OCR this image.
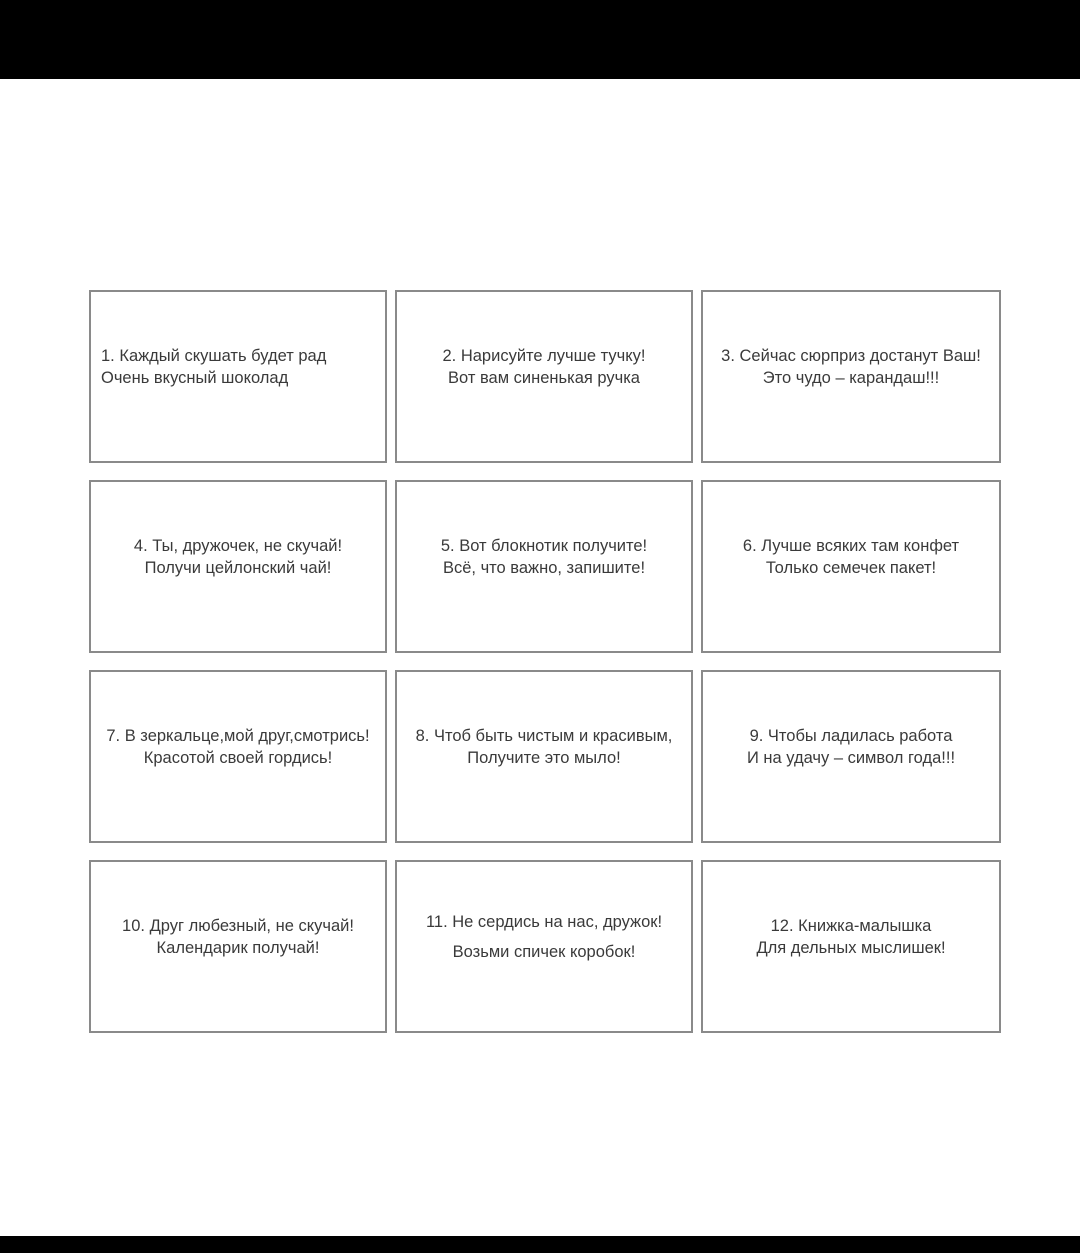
1. Каждый скушать будет рад
Очень вкусный шоколад
2. Нарисуйте лучше тучку!
Вот вам синенькая ручка
3. Сейчас сюрприз достанут Ваш!
Это чудо – карандаш!!!
4. Ты, дружочек, не скучай!
Получи цейлонский чай!
5. Вот блокнотик получите!
Всё, что важно, запишите!
6. Лучше всяких там конфет
Только семечек пакет!
7. В зеркальце,мой друг,смотрись!
Красотой своей гордись!
8. Чтоб быть чистым и красивым,
Получите это мыло!
9. Чтобы ладилась работа
И на удачу – символ года!!!
10. Друг любезный, не скучай!
Календарик получай!
11. Не сердись на нас, дружок!
Возьми спичек коробок!
12. Книжка-малышка
Для дельных мыслишек!
